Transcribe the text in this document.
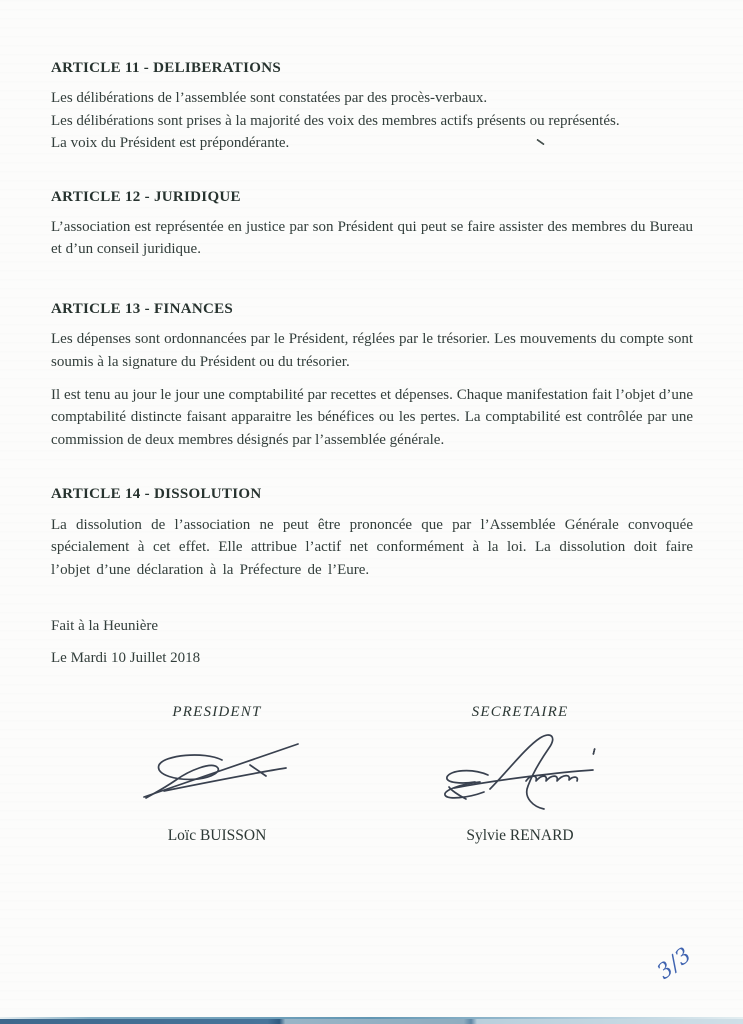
ARTICLE 11 - DELIBERATIONS

Les délibérations de l’assemblée sont constatées par des procès-verbaux.

Les délibérations sont prises à la majorité des voix des membres actifs présents ou représentés.

La voix du Président est prépondérante.

ARTICLE 12 - JURIDIQUE

L’association est représentée en justice par son Président qui peut se faire assister des membres du Bureau et d’un conseil juridique.

ARTICLE 13 - FINANCES

Les dépenses sont ordonnancées par le Président, réglées par le trésorier. Les mouvements du compte sont soumis à la signature du Président ou du trésorier.

Il est tenu au jour le jour une comptabilité par recettes et dépenses. Chaque manifestation fait l’objet d’une comptabilité distincte faisant apparaitre les bénéfices ou les pertes. La comptabilité est contrôlée par une commission de deux membres désignés par l’assemblée générale.

ARTICLE 14 - DISSOLUTION

La dissolution de l’association ne peut être prononcée que par l’Assemblée Générale convoquée spécialement à cet effet. Elle attribue l’actif net conformément à la loi. La dissolution doit faire l’objet d’une déclaration à la Préfecture de l’Eure.

Fait à la Heunière

Le Mardi 10 Juillet 2018

PRESIDENT	SECRETAIRE
Loïc BUISSON	Sylvie RENARD
3/3
